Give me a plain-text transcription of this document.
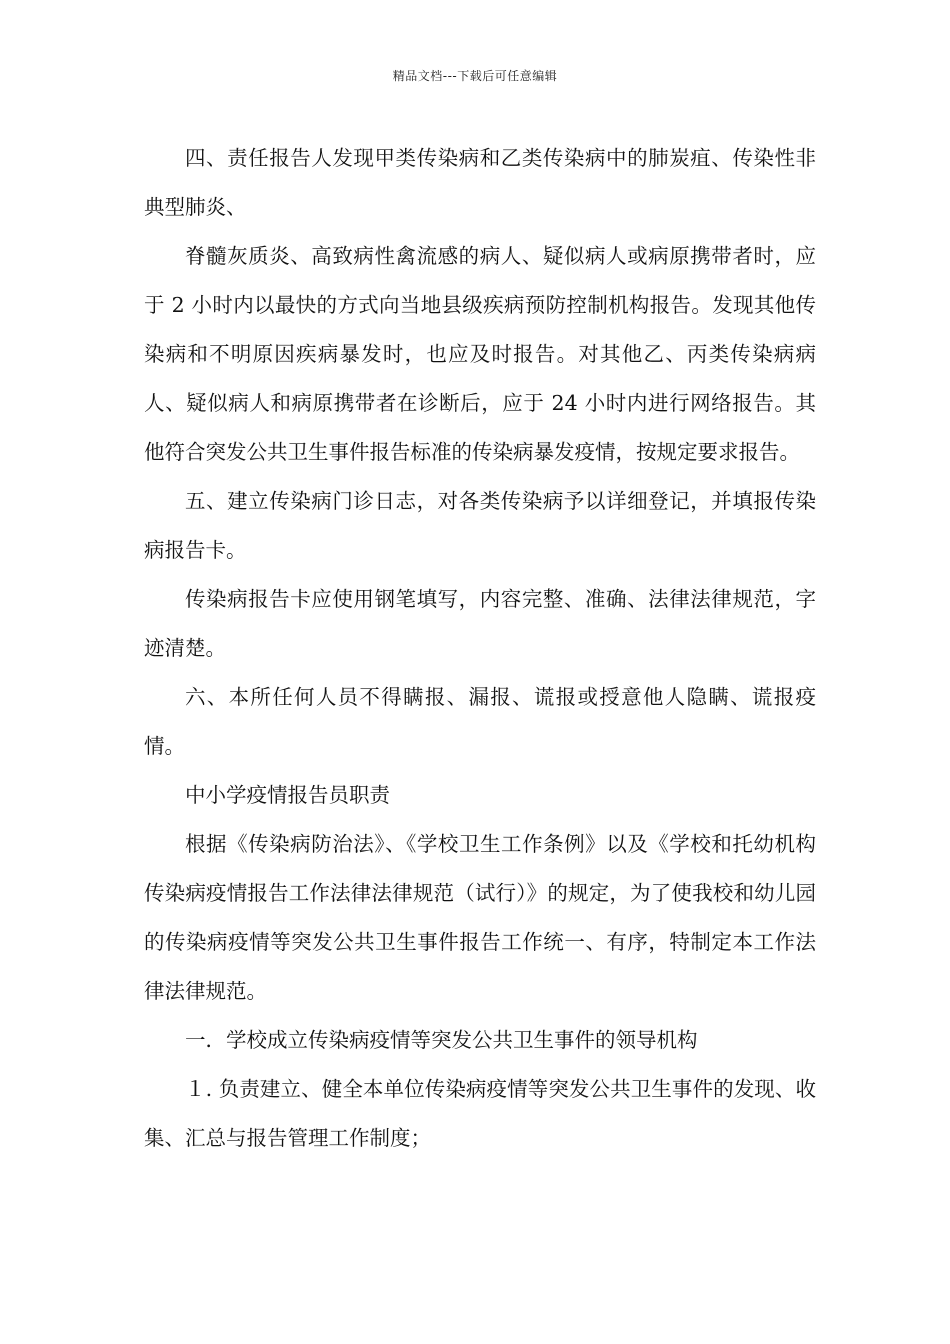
精品文档---下载后可任意编辑

四、责任报告人发现甲类传染病和乙类传染病中的肺炭疽、传染性非典型肺炎、

脊髓灰质炎、高致病性禽流感的病人、疑似病人或病原携带者时，应于 2 小时内以最快的方式向当地县级疾病预防控制机构报告。发现其他传染病和不明原因疾病暴发时，也应及时报告。对其他乙、丙类传染病病人、疑似病人和病原携带者在诊断后，应于 24 小时内进行网络报告。其他符合突发公共卫生事件报告标准的传染病暴发疫情，按规定要求报告。

五、建立传染病门诊日志，对各类传染病予以详细登记，并填报传染病报告卡。

传染病报告卡应使用钢笔填写，内容完整、准确、法律法律规范，字迹清楚。

六、本所任何人员不得瞒报、漏报、谎报或授意他人隐瞒、谎报疫情。

中小学疫情报告员职责

根据《传染病防治法》、《学校卫生工作条例》以及《学校和托幼机构传染病疫情报告工作法律法律规范（试行）》的规定，为了使我校和幼儿园的传染病疫情等突发公共卫生事件报告工作统一、有序，特制定本工作法律法律规范。

一．学校成立传染病疫情等突发公共卫生事件的领导机构

１. 负责建立、健全本单位传染病疫情等突发公共卫生事件的发现、收集、汇总与报告管理工作制度；
